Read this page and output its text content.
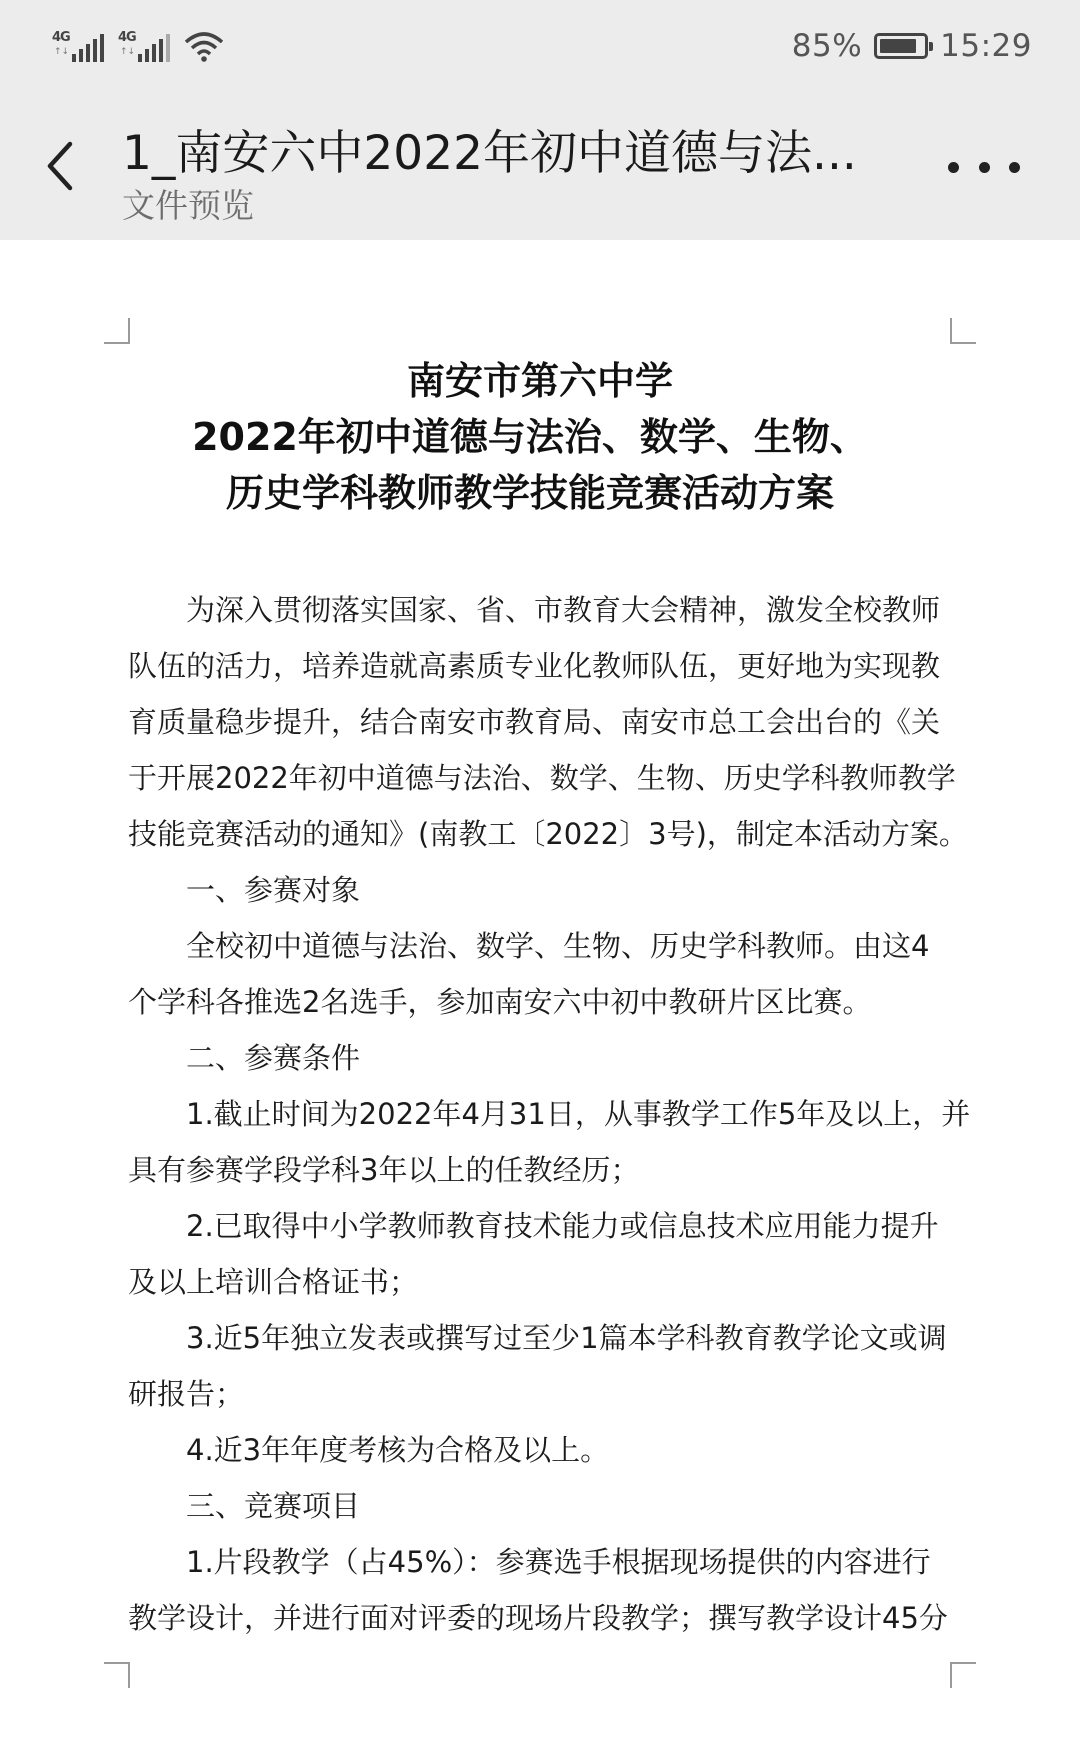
4G
↑↓
4G
↑↓	85%	15:29
1_南安六中2022年初中道德与法...
文件预览
南安市第六中学
2022年初中道德与法治、数学、生物、
历史学科教师教学技能竞赛活动方案
为深入贯彻落实国家、省、市教育大会精神，激发全校教师
队伍的活力，培养造就高素质专业化教师队伍，更好地为实现教
育质量稳步提升，结合南安市教育局、南安市总工会出台的《关
于开展2022年初中道德与法治、数学、生物、历史学科教师教学
技能竞赛活动的通知》(南教工〔2022〕3号)，制定本活动方案。
一、参赛对象
全校初中道德与法治、数学、生物、历史学科教师。由这4
个学科各推选2名选手，参加南安六中初中教研片区比赛。
二、参赛条件
1.截止时间为2022年4月31日，从事教学工作5年及以上，并
具有参赛学段学科3年以上的任教经历；
2.已取得中小学教师教育技术能力或信息技术应用能力提升
及以上培训合格证书；
3.近5年独立发表或撰写过至少1篇本学科教育教学论文或调
研报告；
4.近3年年度考核为合格及以上。
三、竞赛项目
1.片段教学（占45%）：参赛选手根据现场提供的内容进行
教学设计，并进行面对评委的现场片段教学；撰写教学设计45分
